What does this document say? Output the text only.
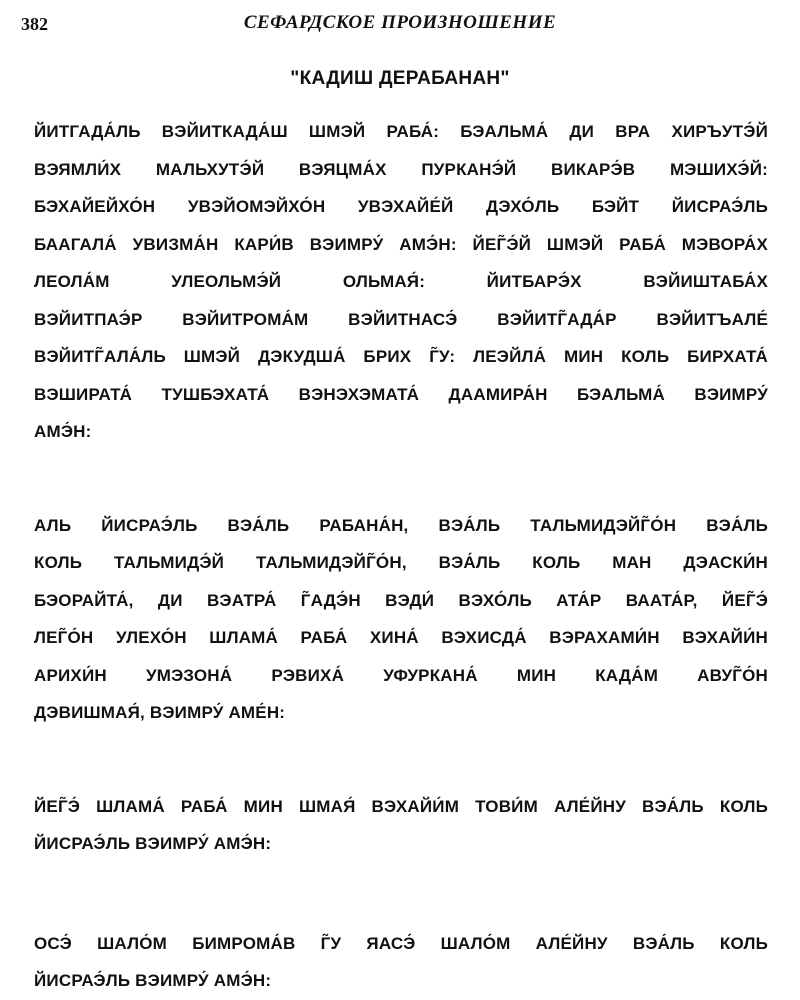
382	СЕФАРДСКОЕ ПРОИЗНОШЕНИЕ
"КАДИШ ДЕРАБАНАН"
ЙИТГАДА́ЛЬ ВЭЙИТКАДА́Ш ШМЭЙ РАБА́: БЭАЛЬМА́ ДИ ВРА ХИРЪУТЭ́Й
ВЭЯМЛИ́Х МАЛЬХУТЭ́Й ВЭЯЦМА́Х ПУРКАНЭ́Й ВИКАРЭ́В МЭШИХЭ́Й:
БЭХАЙЕЙХО́Н УВЭЙОМЭЙХО́Н УВЭХАЙЕ́Й ДЭХО́ЛЬ БЭЙТ ЙИСРАЭ́ЛЬ
БААГАЛА́ УВИЗМА́Н КАРИ́В ВЭИМРУ́ АМЭ́Н: ЙЕГ̃Э́Й ШМЭЙ РАБА́ МЭВОРА́Х
ЛЕОЛА́М УЛЕОЛЬМЭ́Й ОЛЬМАЯ́: ЙИТБАРЭ́Х ВЭЙИШТАБА́Х
ВЭЙИТПАЭ́Р ВЭЙИТРОМА́М ВЭЙИТНАСЭ́ ВЭЙИТГ̃АДА́Р ВЭЙИТЪАЛЕ́
ВЭЙИТГ̃АЛА́ЛЬ ШМЭЙ ДЭКУДША́ БРИХ Г̃У: ЛЕЭЙЛА́ МИН КОЛЬ БИРХАТА́
ВЭШИРАТА́ ТУШБЭХАТА́ ВЭНЭХЭМАТА́ ДААМИРА́Н БЭАЛЬМА́ ВЭИМРУ́
АМЭ́Н:
АЛЬ ЙИСРАЭ́ЛЬ ВЭА́ЛЬ РАБАНА́Н, ВЭА́ЛЬ ТАЛЬМИДЭЙГ̃О́Н ВЭА́ЛЬ
КОЛЬ ТАЛЬМИДЭ́Й ТАЛЬМИДЭЙГ̃О́Н, ВЭА́ЛЬ КОЛЬ МАН ДЭАСКИ́Н
БЭОРАЙТА́, ДИ ВЭАТРА́ Г̃АДЭ́Н ВЭДИ́ ВЭХО́ЛЬ АТА́Р ВААТА́Р, ЙЕГ̃Э́
ЛЕГ̃О́Н УЛЕХО́Н ШЛАМА́ РАБА́ ХИНА́ ВЭХИСДА́ ВЭРАХАМИ́Н ВЭХАЙИ́Н
АРИХИ́Н УМЭЗОНА́ РЭВИХА́ УФУРКАНА́ МИН КАДА́М АВУГ̃О́Н
ДЭВИШМАЯ́, ВЭИМРУ́ АМЕ́Н:
ЙЕГ̃Э́ ШЛАМА́ РАБА́ МИН ШМАЯ́ ВЭХАЙИ́М ТОВИ́М АЛЕ́ЙНУ ВЭА́ЛЬ КОЛЬ
ЙИСРАЭ́ЛЬ ВЭИМРУ́ АМЭ́Н:
ОСЭ́ ШАЛО́М БИМРОМА́В Г̃У ЯАСЭ́ ШАЛО́М АЛЕ́ЙНУ ВЭА́ЛЬ КОЛЬ
ЙИСРАЭ́ЛЬ ВЭИМРУ́ АМЭ́Н:
